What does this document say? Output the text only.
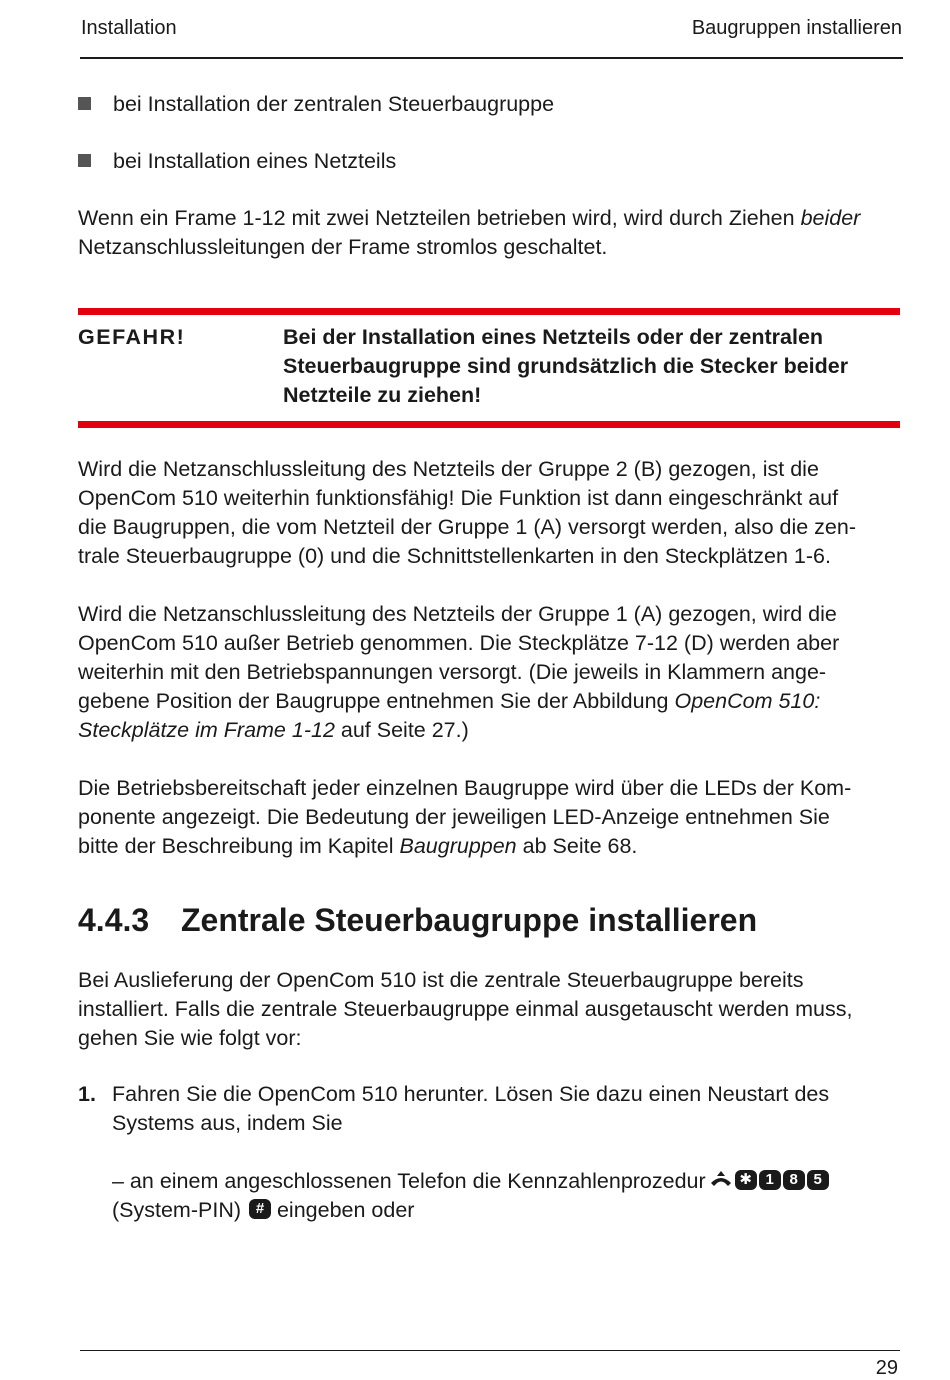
Installation	Baugruppen installieren
bei Installation der zentralen Steuerbaugruppe
bei Installation eines Netzteils
Wenn ein Frame 1-12 mit zwei Netzteilen betrieben wird, wird durch Ziehen beider
Netzanschlussleitungen der Frame stromlos geschaltet.
GEFAHR!	Bei der Installation eines Netzteils oder der zentralen
Steuerbaugruppe sind grundsätzlich die Stecker beider
Netzteile zu ziehen!
Wird die Netzanschlussleitung des Netzteils der Gruppe 2 (B) gezogen, ist die
OpenCom 510 weiterhin funktionsfähig! Die Funktion ist dann eingeschränkt auf
die Baugruppen, die vom Netzteil der Gruppe 1 (A) versorgt werden, also die zen-
trale Steuerbaugruppe (0) und die Schnittstellenkarten in den Steckplätzen 1-6.
Wird die Netzanschlussleitung des Netzteils der Gruppe 1 (A) gezogen, wird die
OpenCom 510 außer Betrieb genommen. Die Steckplätze 7-12 (D) werden aber
weiterhin mit den Betriebspannungen versorgt. (Die jeweils in Klammern ange-
gebene Position der Baugruppe entnehmen Sie der Abbildung OpenCom 510:
Steckplätze im Frame 1-12 auf Seite 27.)
Die Betriebsbereitschaft jeder einzelnen Baugruppe wird über die LEDs der Kom-
ponente angezeigt. Die Bedeutung der jeweiligen LED-Anzeige entnehmen Sie
bitte der Beschreibung im Kapitel Baugruppen ab Seite 68.
4.4.3 Zentrale Steuerbaugruppe installieren
Bei Auslieferung der OpenCom 510 ist die zentrale Steuerbaugruppe bereits
installiert. Falls die zentrale Steuerbaugruppe einmal ausgetauscht werden muss,
gehen Sie wie folgt vor:
1. Fahren Sie die OpenCom 510 herunter. Lösen Sie dazu einen Neustart des
Systems aus, indem Sie
– an einem angeschlossenen Telefon die Kennzahlenprozedur ✱ 1 8 5
(System-PIN) # eingeben oder
29
